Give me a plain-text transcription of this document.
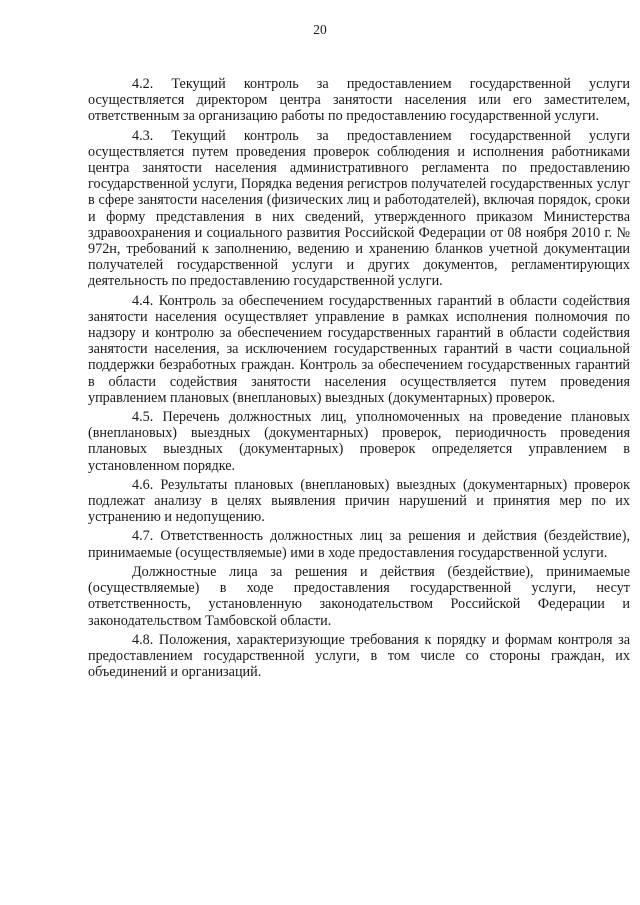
20

4.2. Текущий контроль за предоставлением государственной услуги осуществляется директором центра занятости населения или его заместителем, ответственным за организацию работы по предоставлению государственной услуги.

4.3. Текущий контроль за предоставлением государственной услуги осуществляется путем проведения проверок соблюдения и исполнения работниками центра занятости населения административного регламента по предоставлению государственной услуги, Порядка ведения регистров получателей государственных услуг в сфере занятости населения (физических лиц и работодателей), включая порядок, сроки и форму представления в них сведений, утвержденного приказом Министерства здравоохранения и социального развития Российской Федерации от 08 ноября 2010 г. № 972н, требований к заполнению, ведению и хранению бланков учетной документации получателей государственной услуги и других документов, регламентирующих деятельность по предоставлению государственной услуги.

4.4. Контроль за обеспечением государственных гарантий в области содействия занятости населения осуществляет управление в рамках исполнения полномочия по надзору и контролю за обеспечением государственных гарантий в области содействия занятости населения, за исключением государственных гарантий в части социальной поддержки безработных граждан. Контроль за обеспечением государственных гарантий в области содействия занятости населения осуществляется путем проведения управлением плановых (внеплановых) выездных (документарных) проверок.

4.5. Перечень должностных лиц, уполномоченных на проведение плановых (внеплановых) выездных (документарных) проверок, периодичность проведения плановых выездных (документарных) проверок определяется управлением в установленном порядке.

4.6. Результаты плановых (внеплановых) выездных (документарных) проверок подлежат анализу в целях выявления причин нарушений и принятия мер по их устранению и недопущению.

4.7. Ответственность должностных лиц за решения и действия (бездействие), принимаемые (осуществляемые) ими в ходе предоставления государственной услуги.

Должностные лица за решения и действия (бездействие), принимаемые (осуществляемые) в ходе предоставления государственной услуги, несут ответственность, установленную законодательством Российской Федерации и законодательством Тамбовской области.

4.8. Положения, характеризующие требования к порядку и формам контроля за предоставлением государственной услуги, в том числе со стороны граждан, их объединений и организаций.
